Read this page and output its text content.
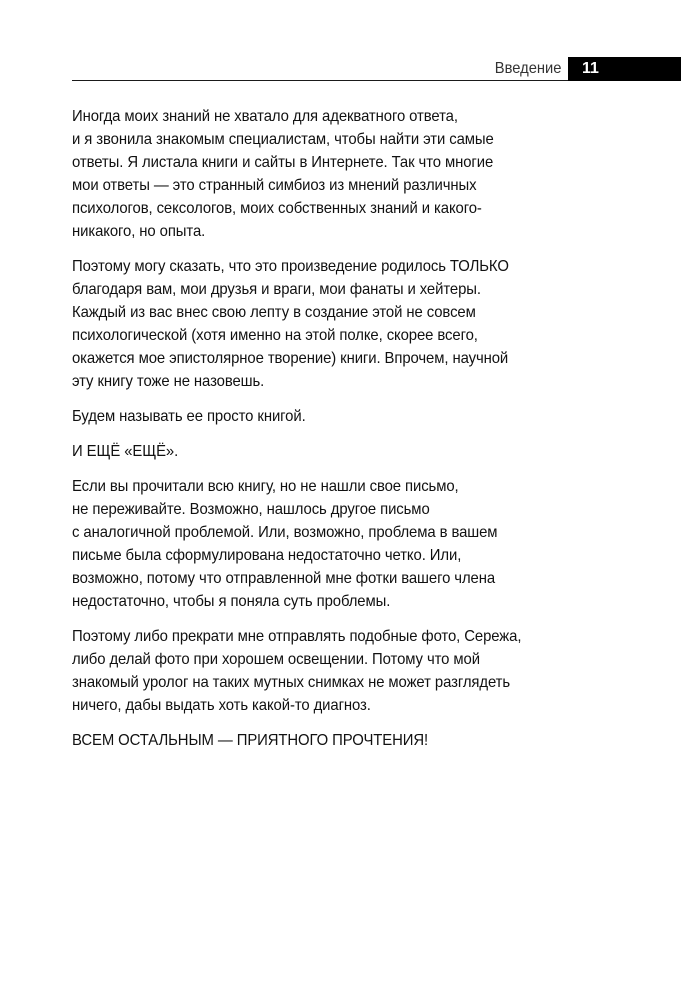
Введение 11

Иногда моих знаний не хватало для адекватного ответа,
и я звонила знакомым специалистам, чтобы найти эти самые
ответы. Я листала книги и сайты в Интернете. Так что многие
мои ответы — это странный симбиоз из мнений различных
психологов, сексологов, моих собственных знаний и какого-
никакого, но опыта.

Поэтому могу сказать, что это произведение родилось ТОЛЬКО
благодаря вам, мои друзья и враги, мои фанаты и хейтеры.
Каждый из вас внес свою лепту в создание этой не совсем
психологической (хотя именно на этой полке, скорее всего,
окажется мое эпистолярное творение) книги. Впрочем, научной
эту книгу тоже не назовешь.

Будем называть ее просто книгой.

И ЕЩЁ «ЕЩЁ».

Если вы прочитали всю книгу, но не нашли свое письмо,
не переживайте. Возможно, нашлось другое письмо
с аналогичной проблемой. Или, возможно, проблема в вашем
письме была сформулирована недостаточно четко. Или,
возможно, потому что отправленной мне фотки вашего члена
недостаточно, чтобы я поняла суть проблемы.

Поэтому либо прекрати мне отправлять подобные фото, Сережа,
либо делай фото при хорошем освещении. Потому что мой
знакомый уролог на таких мутных снимках не может разглядеть
ничего, дабы выдать хоть какой-то диагноз.

ВСЕМ ОСТАЛЬНЫМ — ПРИЯТНОГО ПРОЧТЕНИЯ!
